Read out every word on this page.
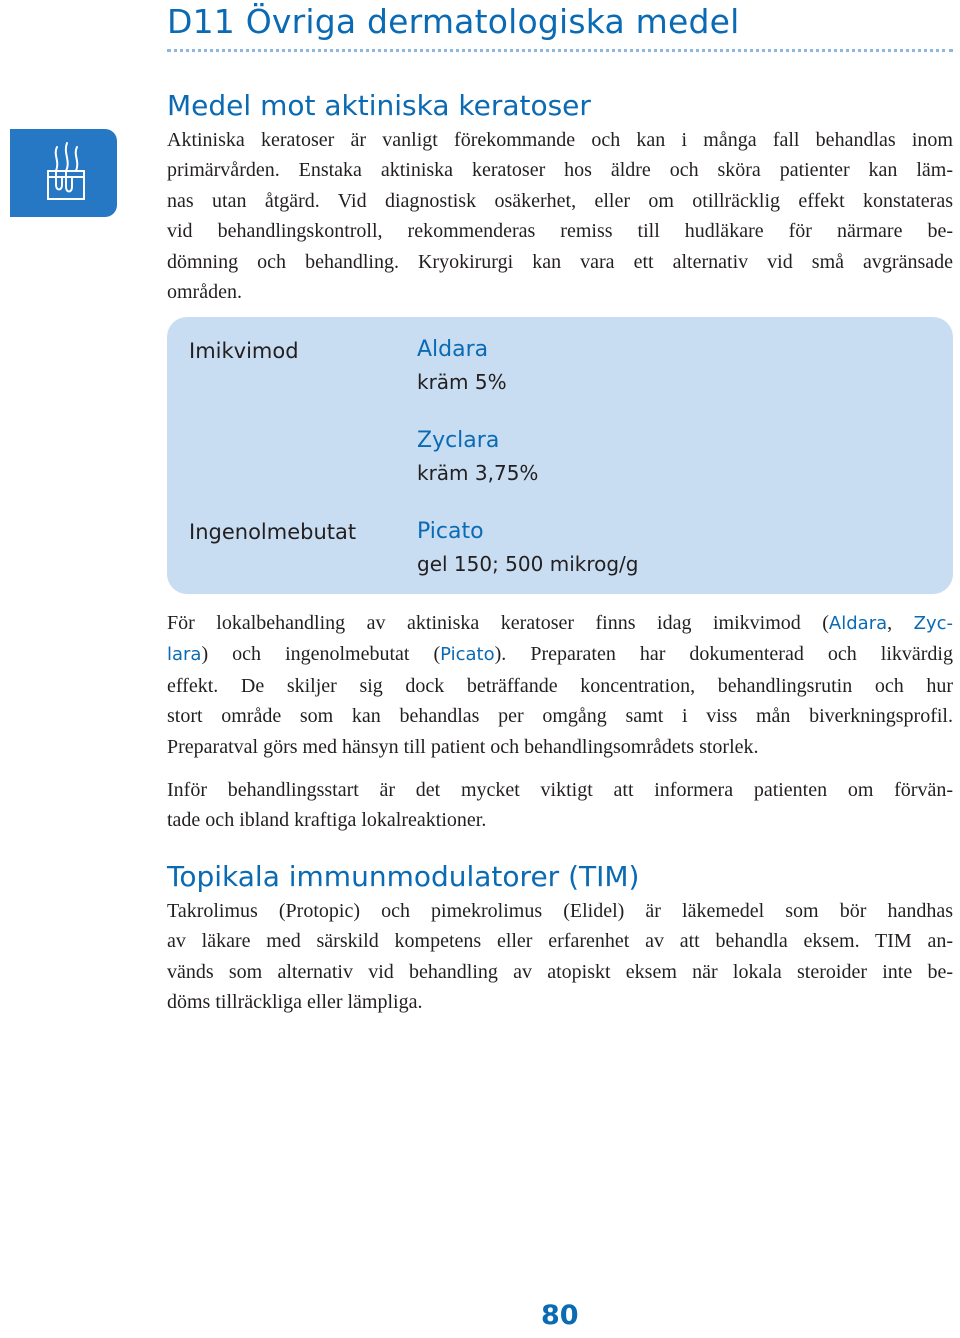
D11 Övriga dermatologiska medel
Medel mot aktiniska keratoser

Aktiniska keratoser är vanligt förekommande och kan i många fall behandlas inom
primärvården. Enstaka aktiniska keratoser hos äldre och sköra patienter kan läm-
nas utan åtgärd. Vid diagnostisk osäkerhet, eller om otillräcklig effekt konstateras
vid behandlingskontroll, rekommenderas remiss till hudläkare för närmare be-
dömning och behandling. Kryokirurgi kan vara ett alternativ vid små avgränsade
områden.

Imikvimod	Aldara
kräm 5%
Zyclara
kräm 3,75%
Ingenolmebutat	Picato
gel 150; 500 mikrog/g

För lokalbehandling av aktiniska keratoser finns idag imikvimod (Aldara, Zyc-
lara) och ingenolmebutat (Picato). Preparaten har dokumenterad och likvärdig
effekt. De skiljer sig dock beträffande koncentration, behandlingsrutin och hur
stort område som kan behandlas per omgång samt i viss mån biverkningsprofil.
Preparatval görs med hänsyn till patient och behandlingsområdets storlek.

Inför behandlingsstart är det mycket viktigt att informera patienten om förvän-
tade och ibland kraftiga lokalreaktioner.

Topikala immunmodulatorer (TIM)

Takrolimus (Protopic) och pimekrolimus (Elidel) är läkemedel som bör handhas
av läkare med särskild kompetens eller erfarenhet av att behandla eksem. TIM an-
vänds som alternativ vid behandling av atopiskt eksem när lokala steroider inte be-
döms tillräckliga eller lämpliga.

80
